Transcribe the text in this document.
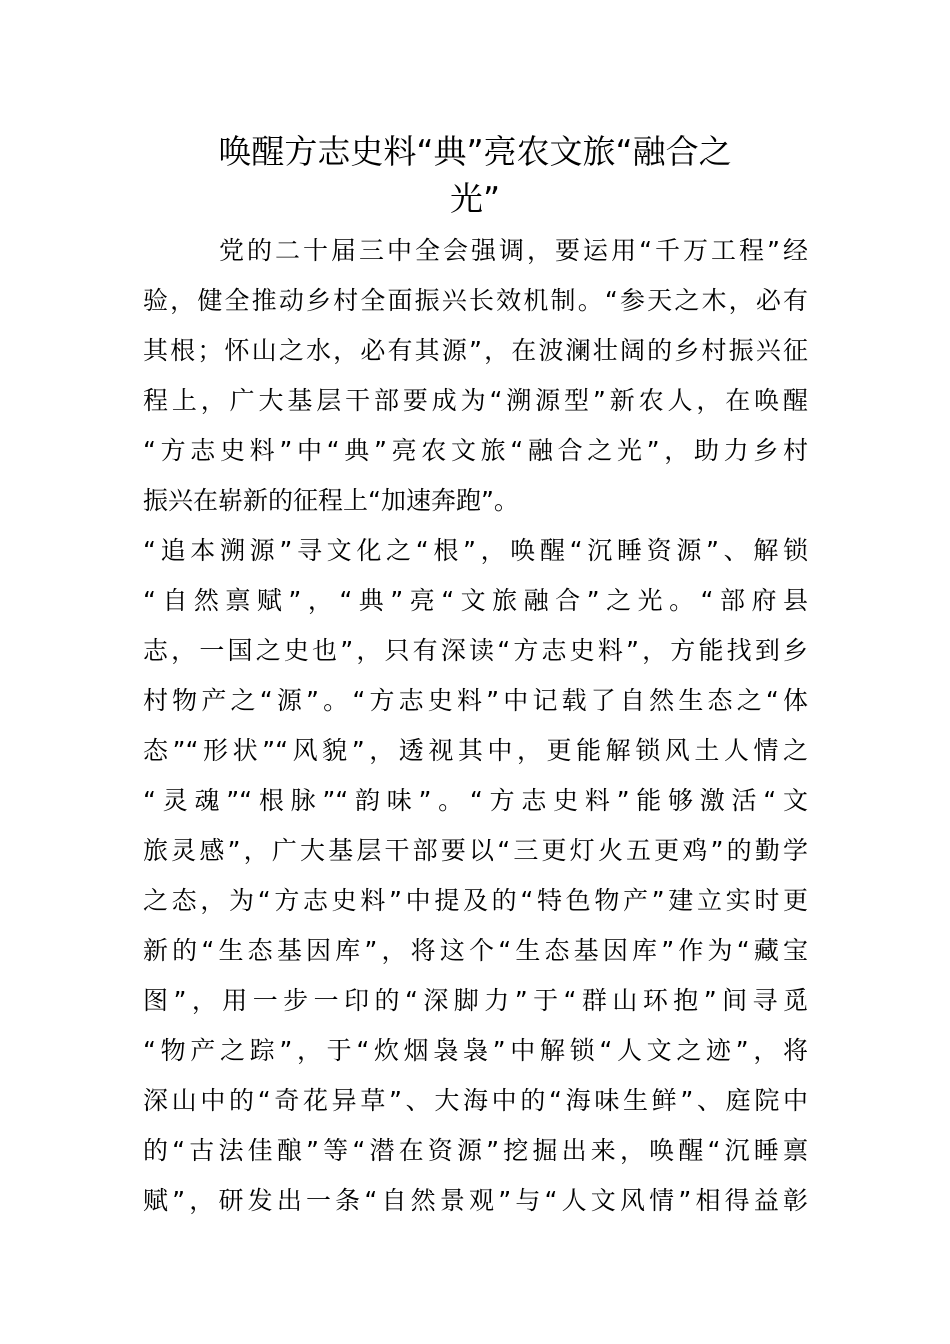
唤醒方志史料“典”亮农文旅“融合之
光”
党的二十届三中全会强调，要运用“千万工程”经
验，健全推动乡村全面振兴长效机制。“参天之木，必有
其根；怀山之水，必有其源”，在波澜壮阔的乡村振兴征
程上，广大基层干部要成为“溯源型”新农人，在唤醒
“方志史料”中“典”亮农文旅“融合之光”，助力乡村
振兴在崭新的征程上“加速奔跑”。
“追本溯源”寻文化之“根”，唤醒“沉睡资源”、解锁
“自然禀赋”，“典”亮“文旅融合”之光。“部府县
志，一国之史也”，只有深读“方志史料”，方能找到乡
村物产之“源”。“方志史料”中记载了自然生态之“体
态”“形状”“风貌”，透视其中，更能解锁风土人情之
“灵魂”“根脉”“韵味”。“方志史料”能够激活“文
旅灵感”，广大基层干部要以“三更灯火五更鸡”的勤学
之态，为“方志史料”中提及的“特色物产”建立实时更
新的“生态基因库”，将这个“生态基因库”作为“藏宝
图”，用一步一印的“深脚力”于“群山环抱”间寻觅
“物产之踪”，于“炊烟袅袅”中解锁“人文之迹”，将
深山中的“奇花异草”、大海中的“海味生鲜”、庭院中
的“古法佳酿”等“潜在资源”挖掘出来，唤醒“沉睡禀
赋”，研发出一条“自然景观”与“人文风情”相得益彰
